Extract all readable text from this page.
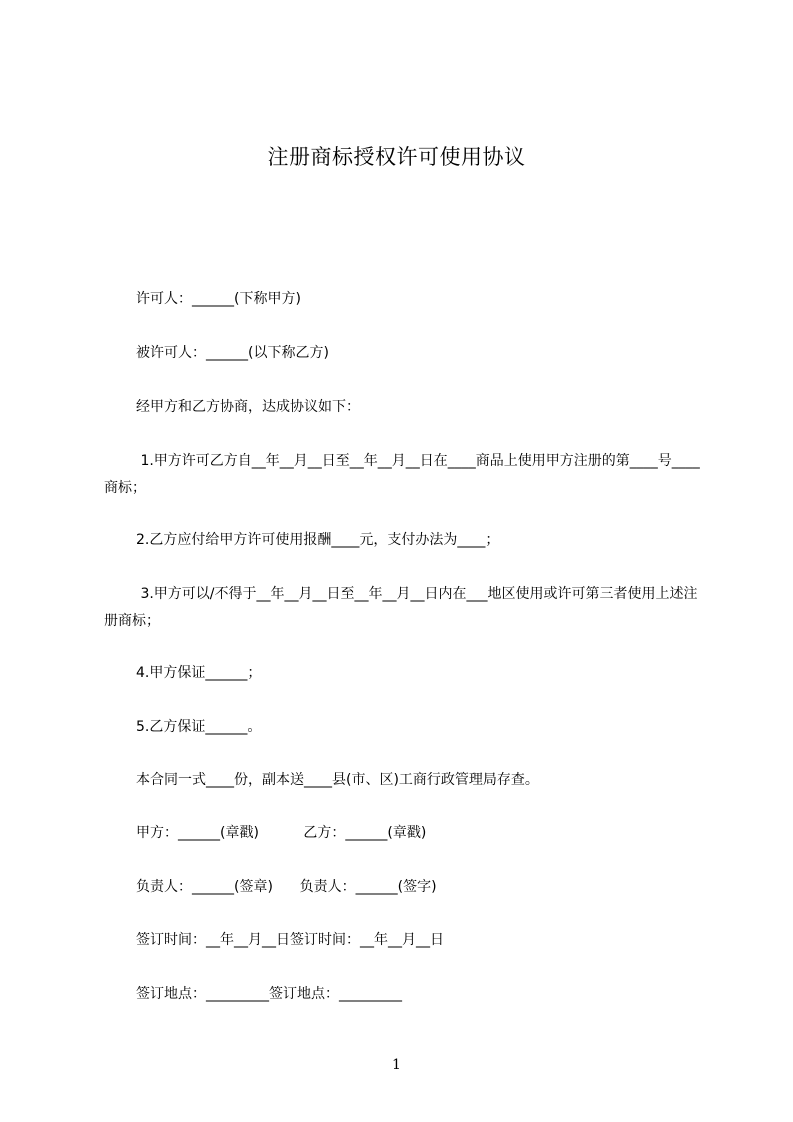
注册商标授权许可使用协议
许可人：______(下称甲方)
被许可人：______(以下称乙方)
经甲方和乙方协商，达成协议如下：
1.甲方许可乙方自__年__月__日至__年__月__日在____商品上使用甲方注册的第____号____商标；
2.乙方应付给甲方许可使用报酬____元，支付办法为____；
3.甲方可以/不得于__年__月__日至__年__月__日内在___地区使用或许可第三者使用上述注册商标；
4.甲方保证______；
5.乙方保证______。
本合同一式____份，副本送____县(市、区)工商行政管理局存查。
甲方：______(章戳)          乙方：______(章戳)
负责人：______(签章)      负责人：______(签字)
签订时间：__年__月__日签订时间：__年__月__日
签订地点：_________签订地点：_________
1
